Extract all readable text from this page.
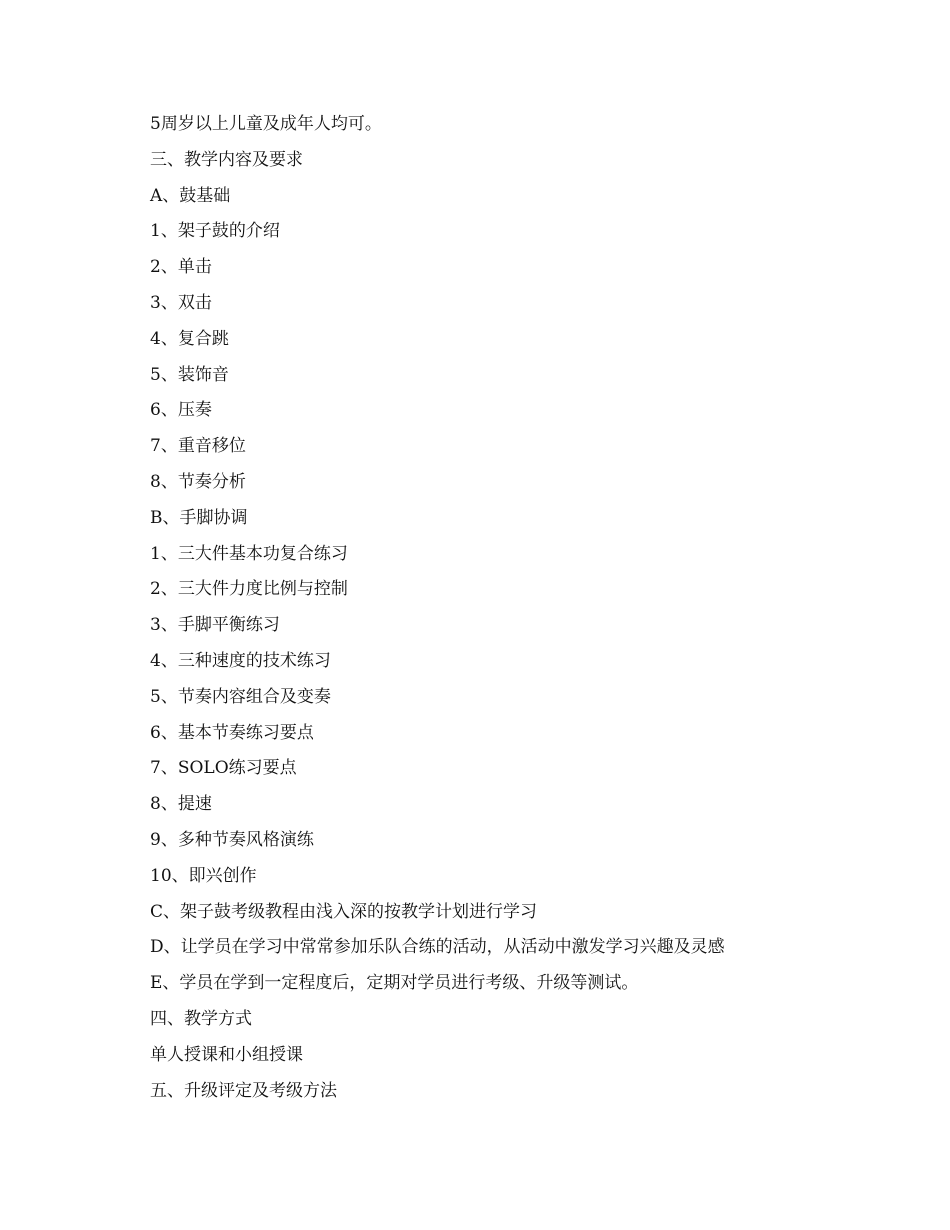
5周岁以上儿童及成年人均可。
三、教学内容及要求
A、鼓基础
1、架子鼓的介绍
2、单击
3、双击
4、复合跳
5、装饰音
6、压奏
7、重音移位
8、节奏分析
B、手脚协调
1、三大件基本功复合练习
2、三大件力度比例与控制
3、手脚平衡练习
4、三种速度的技术练习
5、节奏内容组合及变奏
6、基本节奏练习要点
7、SOLO练习要点
8、提速
9、多种节奏风格演练
10、即兴创作
C、架子鼓考级教程由浅入深的按教学计划进行学习
D、让学员在学习中常常参加乐队合练的活动，从活动中激发学习兴趣及灵感
E、学员在学到一定程度后，定期对学员进行考级、升级等测试。
四、教学方式
单人授课和小组授课
五、升级评定及考级方法
